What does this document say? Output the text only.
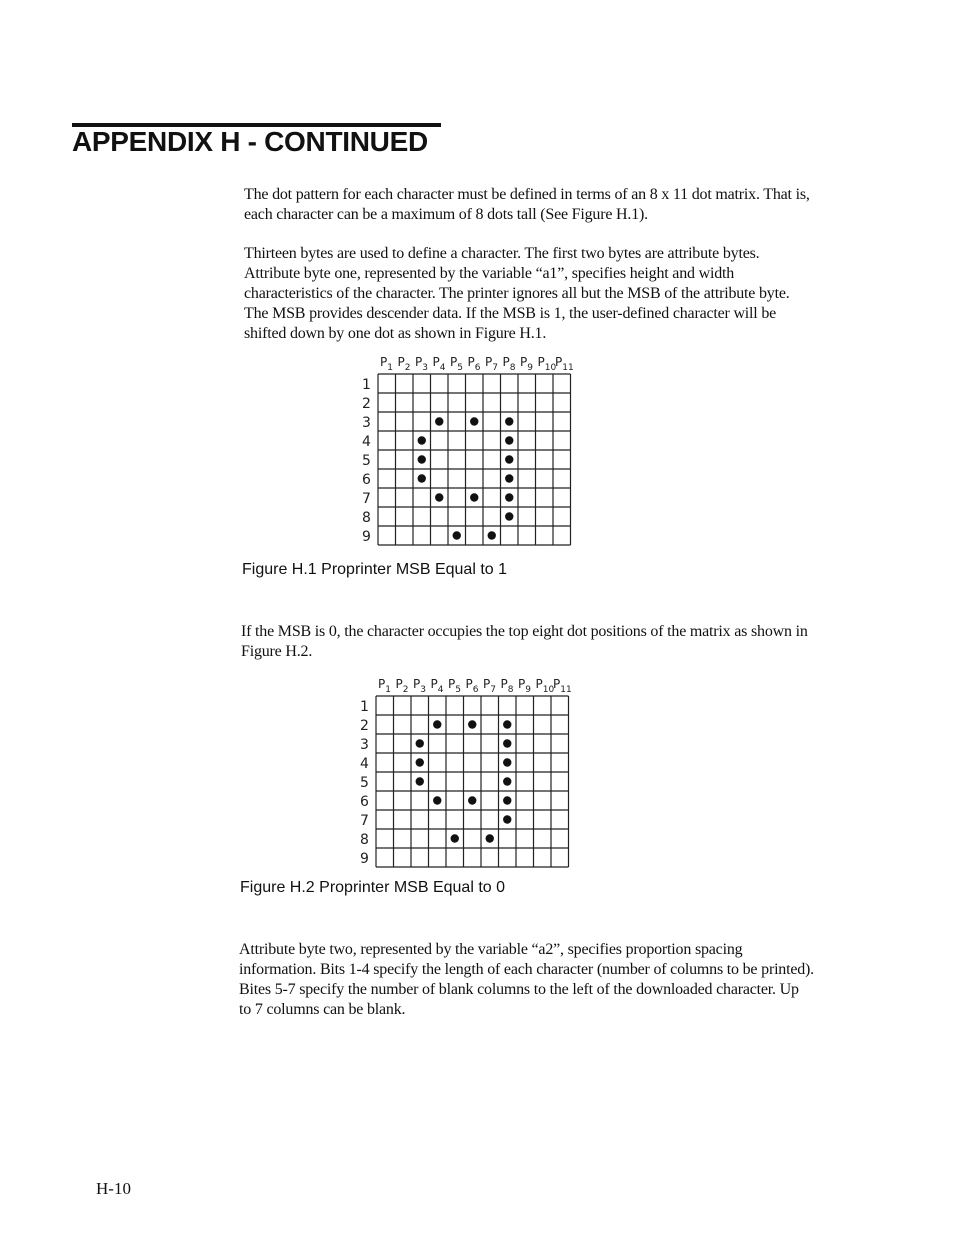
APPENDIX H - CONTINUED

The dot pattern for each character must be defined in terms of an 8 x 11 dot matrix. That is, each character can be a maximum of 8 dots tall (See Figure H.1).

Thirteen bytes are used to define a character. The first two bytes are attribute bytes. Attribute byte one, represented by the variable “a1”, specifies height and width characteristics of the character. The printer ignores all but the MSB of the attribute byte. The MSB provides descender data. If the MSB is 1, the user-defined character will be shifted down by one dot as shown in Figure H.1.

$P_1$ $P_2$ $P_3$ $P_4$ $P_5$ $P_6$ $P_7$ $P_8$ $P_9$ $P_{10}$
$P_{11}$
1
2
3
4
5
6
7
8
9

Figure H.1 Proprinter MSB Equal to 1

If the MSB is 0, the character occupies the top eight dot positions of the matrix as shown in Figure H.2.

$P_1$ $P_2$ $P_3$ $P_4$ $P_5$ $P_6$ $P_7$ $P_8$ $P_9$ $P_{10}$
$P_{11}$
1
2
3
4
5
6
7
8
9

Figure H.2 Proprinter MSB Equal to 0

Attribute byte two, represented by the variable “a2”, specifies proportion spacing information. Bits 1-4 specify the length of each character (number of columns to be printed). Bites 5-7 specify the number of blank columns to the left of the downloaded character. Up to 7 columns can be blank.

H-10
